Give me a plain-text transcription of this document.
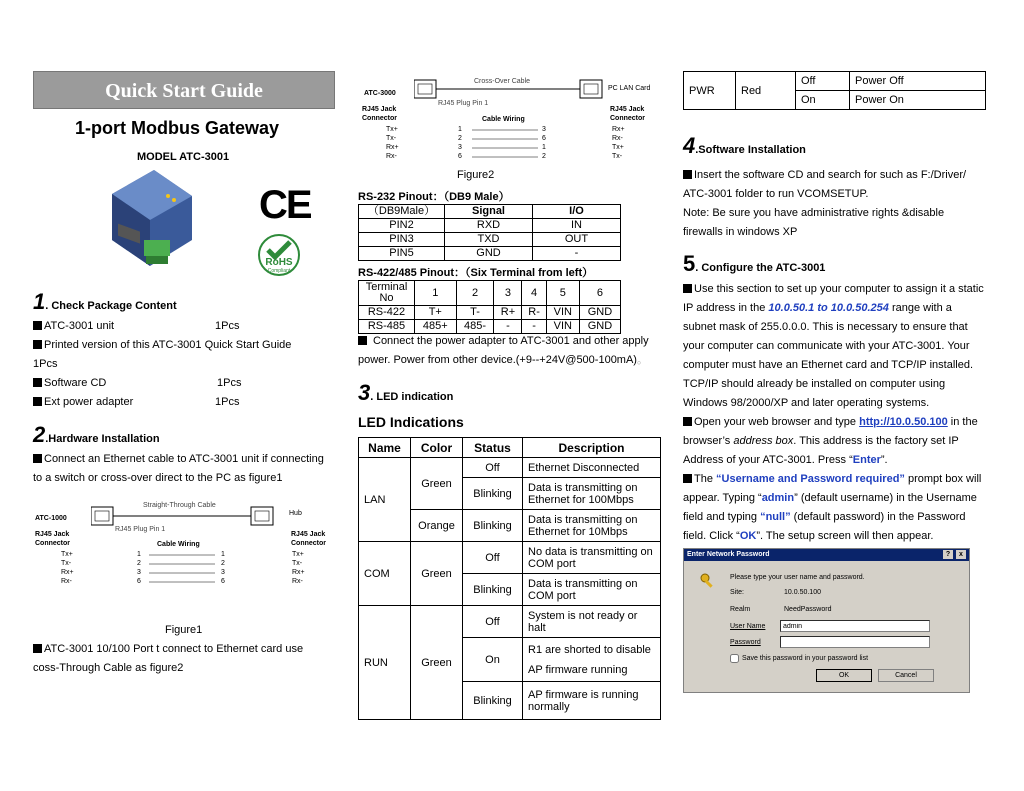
Quick Start Guide
1-port Modbus Gateway
MODEL ATC-3001
CE
RoHS
Compliant
1. Check Package Content
ATC-3001 unit	1Pcs
Printed version of this ATC-3001 Quick Start Guide
1Pcs
Software CD	1Pcs
Ext power adapter	1Pcs
2.Hardware Installation
Connect an Ethernet cable to ATC-3001 unit if connecting
to a switch or cross-over direct to the PC as figure1
Straight-Through Cable
ATC-1000
Hub
RJ45 Plug Pin 1
RJ45 Jack Connector	Cable Wiring
RJ45 Jack Connector
Tx+
Tx-
Rx+
Rx-
1
2
3
6
1
2
3
6
Tx+
Tx-
Rx+
Rx-
Figure1
ATC-3001 10/100 Port t connect to Ethernet card use
coss-Through Cable as figure2
Cross-Over Cable
ATC-3000
PC LAN Card
RJ45 Plug Pin 1
RJ45 Jack Connector	Cable Wiring
RJ45 Jack Connector
Tx+
Tx-
Rx+
Rx-
1
2
3
6
3
6
1
2
Rx+
Rx-
Tx+
Tx-
Figure2
RS-232 Pinout：（DB9 Male）
（DB9Male）	Signal	I/O
PIN2	RXD	IN
PIN3	TXD	OUT
PIN5	GND	-
RS-422/485 Pinout：（Six Terminal from left）
Terminal No	1	2	3	4	5	6
RS-422	T+	T-	R+	R-	VIN	GND
RS-485	485+	485-	-	-	VIN	GND
Connect the power adapter to ATC-3001 and other apply
power. Power from other device.(+9--+24V@500-100mA)。
3. LED indication
LED Indications
Name	Color	Status	Description
LAN	Green	Off	Ethernet Disconnected
		Blinking	Data is transmitting on Ethernet for 100Mbps
	Orange	Blinking	Data is transmitting on Ethernet for 10Mbps
COM	Green	Off	No data is transmitting on COM port
		Blinking	Data is transmitting on COM port
RUN	Green	Off	System is not ready or halt
		On	R1 are shorted to disable
AP firmware running

		Blinking	AP firmware is running normally
PWR	Red	Off	Power Off
		On	Power On
4.Software Installation
Insert the software CD and search for such as F:/Driver/
ATC-3001 folder to run VCOMSETUP.
Note: Be sure you have administrative rights &disable
firewalls in windows XP
5. Configure the ATC-3001
Use this section to set up your computer to assign it a static
IP address in the 10.0.50.1 to 10.0.50.254 range with a
subnet mask of 255.0.0.0. This is necessary to ensure that
your computer can communicate with your ATC-3001. Your
computer must have an Ethernet card and TCP/IP installed.
TCP/IP should already be installed on computer using
Windows 98/2000/XP and later operating systems.
Open your web browser and type http://10.0.50.100 in the
browser’s address box. This address is the factory set IP
Address of your ATC-3001. Press “Enter”.
The “Username and Password required” prompt box will
appear. Typing “admin” (default username) in the Username
field and typing “null” (default password) in the Password
field. Click “OK”. The setup screen will then appear.
Enter Network Password	?	x
Please type your user name and password.
Site:	10.0.50.100
Realm	NeedPassword
User Name
admin
Password
Save this password in your password list
OK	Cancel
